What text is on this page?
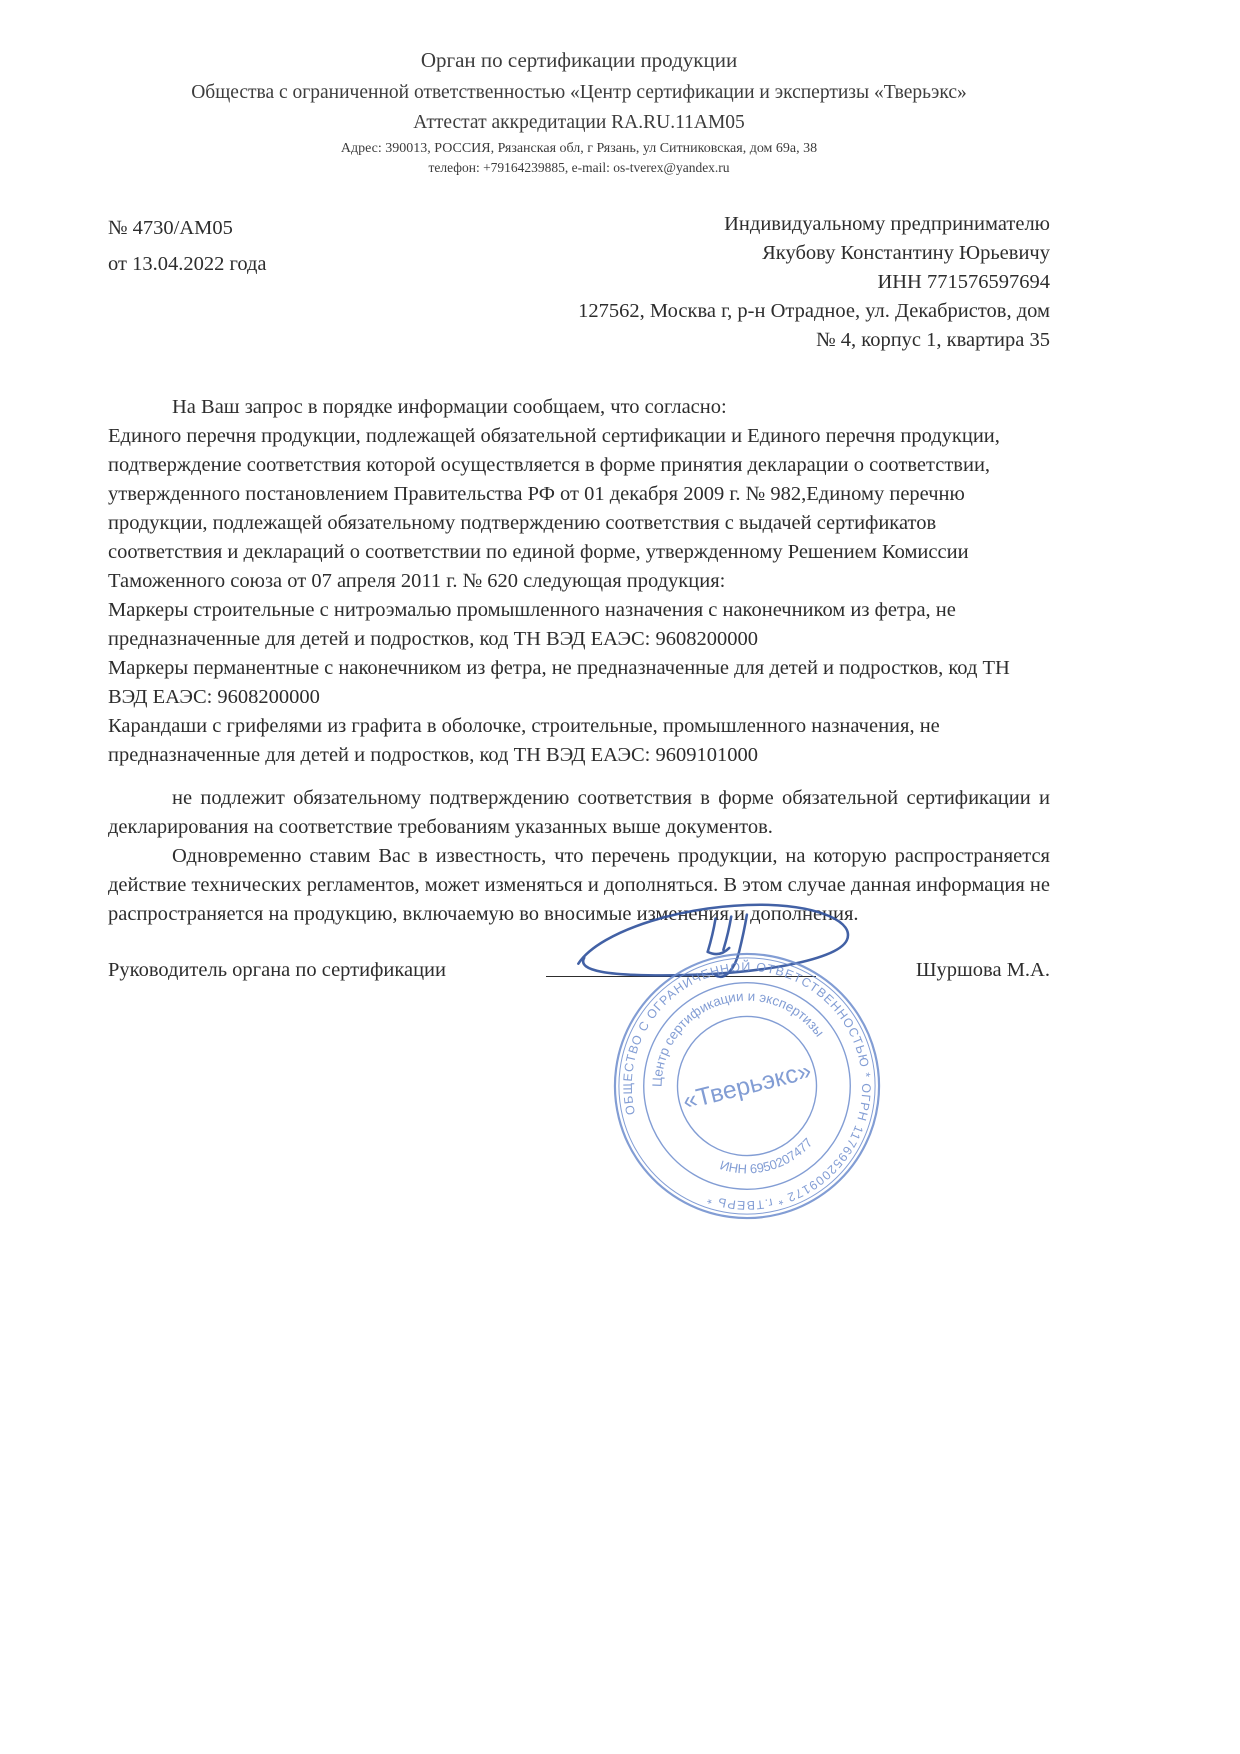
Орган по сертификации продукции
Общества с ограниченной ответственностью «Центр сертификации и экспертизы «Тверьэкс»
Аттестат аккредитации RA.RU.11АМ05
Адрес: 390013, РОССИЯ, Рязанская обл, г Рязань, ул Ситниковская, дом 69а, 38
телефон: +79164239885, e-mail: os-tverex@yandex.ru
№ 4730/АМ05
от 13.04.2022 года
Индивидуальному предпринимателю
Якубову Константину Юрьевичу
ИНН 771576597694
127562, Москва г, р-н Отрадное, ул. Декабристов, дом
№ 4, корпус 1, квартира 35

На Ваш запрос в порядке информации сообщаем, что согласно:

Единого перечня продукции, подлежащей обязательной сертификации и Единого перечня продукции, подтверждение соответствия которой осуществляется в форме принятия декларации о соответствии, утвержденного постановлением Правительства РФ от 01 декабря 2009 г. № 982,Единому перечню продукции, подлежащей обязательному подтверждению соответствия с выдачей сертификатов соответствия и деклараций о соответствии по единой форме, утвержденному Решением Комиссии Таможенного союза от 07 апреля 2011 г. № 620 следующая продукция:

Маркеры строительные с нитроэмалью промышленного назначения с наконечником из фетра, не предназначенные для детей и подростков, код ТН ВЭД ЕАЭС: 9608200000

Маркеры перманентные с наконечником из фетра, не предназначенные для детей и подростков, код ТН ВЭД ЕАЭС: 9608200000

Карандаши с грифелями из графита в оболочке, строительные, промышленного назначения, не предназначенные для детей и подростков, код ТН ВЭД ЕАЭС: 9609101000

не подлежит обязательному подтверждению соответствия в форме обязательной сертификации и декларирования на соответствие требованиям указанных выше документов.

Одновременно ставим Вас в известность, что перечень продукции, на которую распространяется действие технических регламентов, может изменяться и дополняться. В этом случае данная информация не распространяется на продукцию, включаемую во вносимые изменения и дополнения.

Руководитель органа по сертификации	Шуршова М.А.
ОБЩЕСТВО С ОГРАНИЧЕННОЙ ОТВЕТСТВЕННОСТЬЮ * ОГРН 1176952009172 * г.ТВЕРЬ *
Центр сертификации и экспертизы
ИНН 6950207477
«Тверьэкс»
